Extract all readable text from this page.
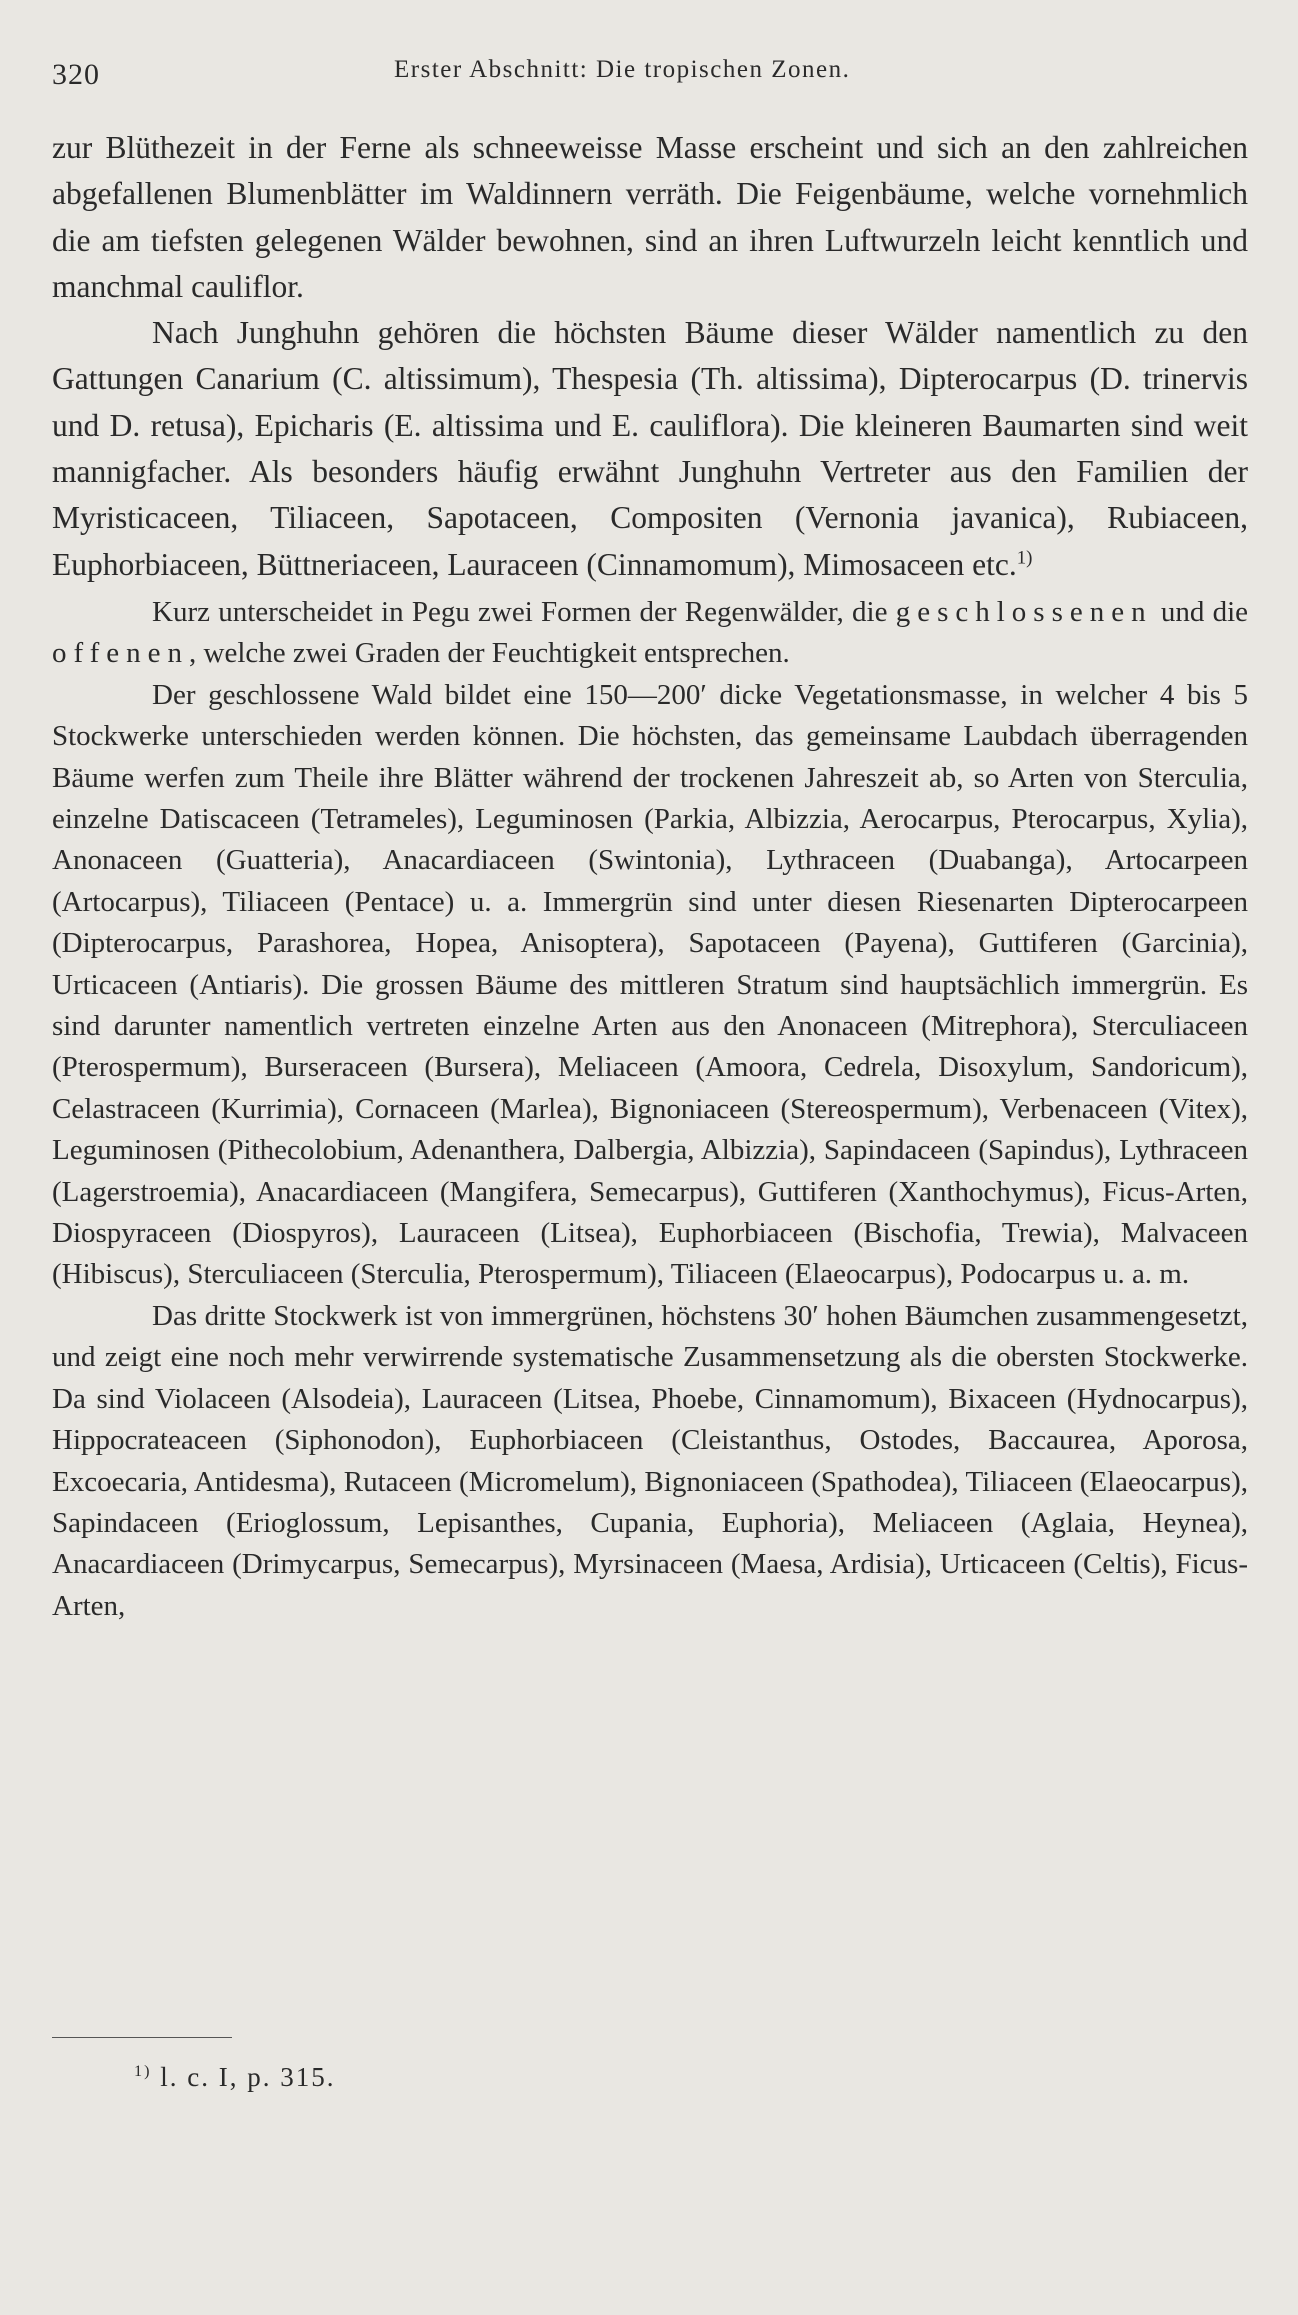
320	Erster Abschnitt: Die tropischen Zonen.

zur Blüthezeit in der Ferne als schneeweisse Masse erscheint und sich an den zahlreichen abgefallenen Blumenblätter im Waldinnern verräth. Die Feigenbäume, welche vornehmlich die am tiefsten gelegenen Wälder bewohnen, sind an ihren Luftwurzeln leicht kenntlich und manchmal cauliflor.

Nach Junghuhn gehören die höchsten Bäume dieser Wälder namentlich zu den Gattungen Canarium (C. altissimum), Thespesia (Th. altissima), Dipterocarpus (D. trinervis und D. retusa), Epicharis (E. altissima und E. cauliflora). Die kleineren Baumarten sind weit mannigfacher. Als besonders häufig erwähnt Junghuhn Vertreter aus den Familien der Myristicaceen, Tiliaceen, Sapotaceen, Compositen (Vernonia javanica), Rubiaceen, Euphorbiaceen, Büttneriaceen, Lauraceen (Cinnamomum), Mimosaceen etc.$^{1)}$

Kurz unterscheidet in Pegu zwei Formen der Regenwälder, die geschlossenen und die offenen, welche zwei Graden der Feuchtigkeit entsprechen.

Der geschlossene Wald bildet eine 150—200′ dicke Vegetationsmasse, in welcher 4 bis 5 Stockwerke unterschieden werden können. Die höchsten, das gemeinsame Laubdach überragenden Bäume werfen zum Theile ihre Blätter während der trockenen Jahreszeit ab, so Arten von Sterculia, einzelne Datiscaceen (Tetrameles), Leguminosen (Parkia, Albizzia, Aerocarpus, Pterocarpus, Xylia), Anonaceen (Guatteria), Anacardiaceen (Swintonia), Lythraceen (Duabanga), Artocarpeen (Artocarpus), Tiliaceen (Pentace) u. a. Immergrün sind unter diesen Riesenarten Dipterocarpeen (Dipterocarpus, Parashorea, Hopea, Anisoptera), Sapotaceen (Payena), Guttiferen (Garcinia), Urticaceen (Antiaris). Die grossen Bäume des mittleren Stratum sind hauptsächlich immergrün. Es sind darunter namentlich vertreten einzelne Arten aus den Anonaceen (Mitrephora), Sterculiaceen (Pterospermum), Burseraceen (Bursera), Meliaceen (Amoora, Cedrela, Disoxylum, Sandoricum), Celastraceen (Kurrimia), Cornaceen (Marlea), Bignoniaceen (Stereospermum), Verbenaceen (Vitex), Leguminosen (Pithecolobium, Adenanthera, Dalbergia, Albizzia), Sapindaceen (Sapindus), Lythraceen (Lagerstroemia), Anacardiaceen (Mangifera, Semecarpus), Guttiferen (Xanthochymus), Ficus-Arten, Diospyraceen (Diospyros), Lauraceen (Litsea), Euphorbiaceen (Bischofia, Trewia), Malvaceen (Hibiscus), Sterculiaceen (Sterculia, Pterospermum), Tiliaceen (Elaeocarpus), Podocarpus u. a. m.

Das dritte Stockwerk ist von immergrünen, höchstens 30′ hohen Bäumchen zusammengesetzt, und zeigt eine noch mehr verwirrende systematische Zusammensetzung als die obersten Stockwerke. Da sind Violaceen (Alsodeia), Lauraceen (Litsea, Phoebe, Cinnamomum), Bixaceen (Hydnocarpus), Hippocrateaceen (Siphonodon), Euphorbiaceen (Cleistanthus, Ostodes, Baccaurea, Aporosa, Excoecaria, Antidesma), Rutaceen (Micromelum), Bignoniaceen (Spathodea), Tiliaceen (Elaeocarpus), Sapindaceen (Erioglossum, Lepisanthes, Cupania, Euphoria), Meliaceen (Aglaia, Heynea), Anacardiaceen (Drimycarpus, Semecarpus), Myrsinaceen (Maesa, Ardisia), Urticaceen (Celtis), Ficus-Arten,

$^{1)}$ l. c. I, p. 315.
